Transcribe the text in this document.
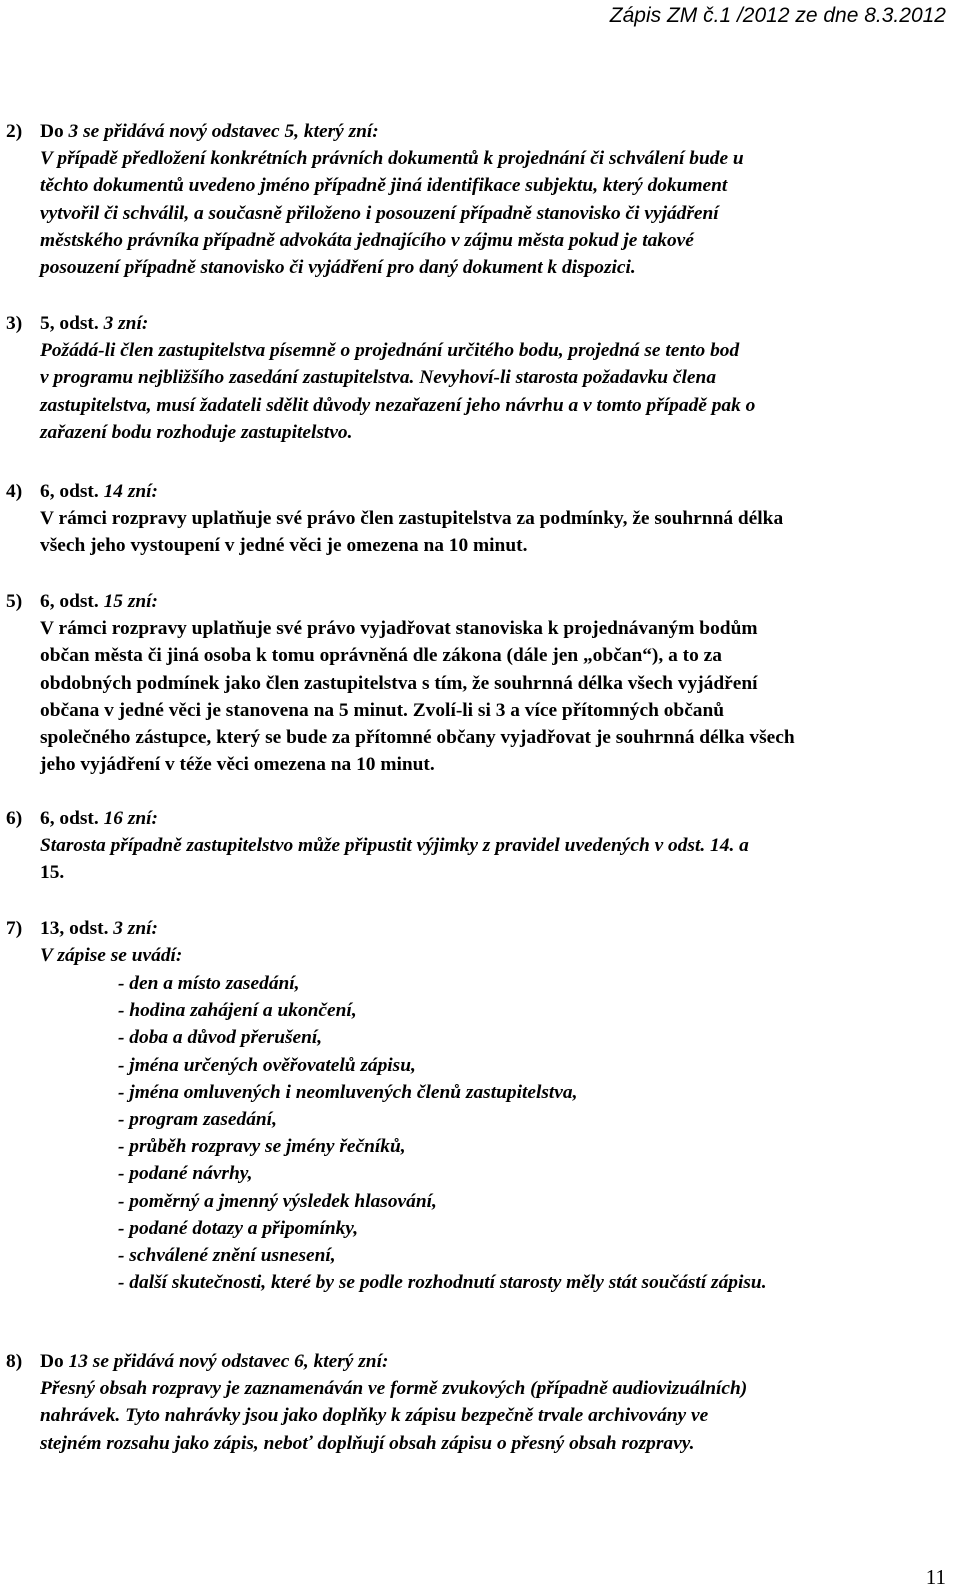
Zápis ZM č.1 /2012 ze dne 8.3.2012
2) Do 3 se přidává nový odstavec 5, který zní:
V případě předložení konkrétních právních dokumentů k projednání či schválení bude u
těchto dokumentů uvedeno jméno případně jiná identifikace subjektu, který dokument
vytvořil či schválil, a současně přiloženo i posouzení případně stanovisko či vyjádření
městského právníka případně advokáta jednajícího v zájmu města pokud je takové
posouzení případně stanovisko či vyjádření pro daný dokument k dispozici.
3) 5, odst. 3 zní:
Požádá-li člen zastupitelstva písemně o projednání určitého bodu, projedná se tento bod
v programu nejbližšího zasedání zastupitelstva. Nevyhoví-li starosta požadavku člena
zastupitelstva, musí žadateli sdělit důvody nezařazení jeho návrhu a v tomto případě pak o
zařazení bodu rozhoduje zastupitelstvo.
4) 6, odst. 14 zní:
V rámci rozpravy uplatňuje své právo člen zastupitelstva za podmínky, že souhrnná délka
všech jeho vystoupení v jedné věci je omezena na 10 minut.
5) 6, odst. 15 zní:
V rámci rozpravy uplatňuje své právo vyjadřovat stanoviska k projednávaným bodům
občan města či jiná osoba k tomu oprávněná dle zákona (dále jen „občan“), a to za
obdobných podmínek jako člen zastupitelstva s tím, že souhrnná délka všech vyjádření
občana v jedné věci je stanovena na 5 minut. Zvolí-li si 3 a více přítomných občanů
společného zástupce, který se bude za přítomné občany vyjadřovat je souhrnná délka všech
jeho vyjádření v téže věci omezena na 10 minut.
6) 6, odst. 16 zní:
Starosta případně zastupitelstvo může připustit výjimky z pravidel uvedených v odst. 14. a
15.
7) 13, odst. 3 zní:
V zápise se uvádí:
- den a místo zasedání,
- hodina zahájení a ukončení,
- doba a důvod přerušení,
- jména určených ověřovatelů zápisu,
- jména omluvených i neomluvených členů zastupitelstva,
- program zasedání,
- průběh rozpravy se jmény řečníků,
- podané návrhy,
- poměrný a jmenný výsledek hlasování,
- podané dotazy a připomínky,
- schválené znění usnesení,
- další skutečnosti, které by se podle rozhodnutí starosty měly stát součástí zápisu.
8) Do 13 se přidává nový odstavec 6, který zní:
Přesný obsah rozpravy je zaznamenáván ve formě zvukových (případně audiovizuálních)
nahrávek. Tyto nahrávky jsou jako doplňky k zápisu bezpečně trvale archivovány ve
stejném rozsahu jako zápis, neboť doplňují obsah zápisu o přesný obsah rozpravy.
11
